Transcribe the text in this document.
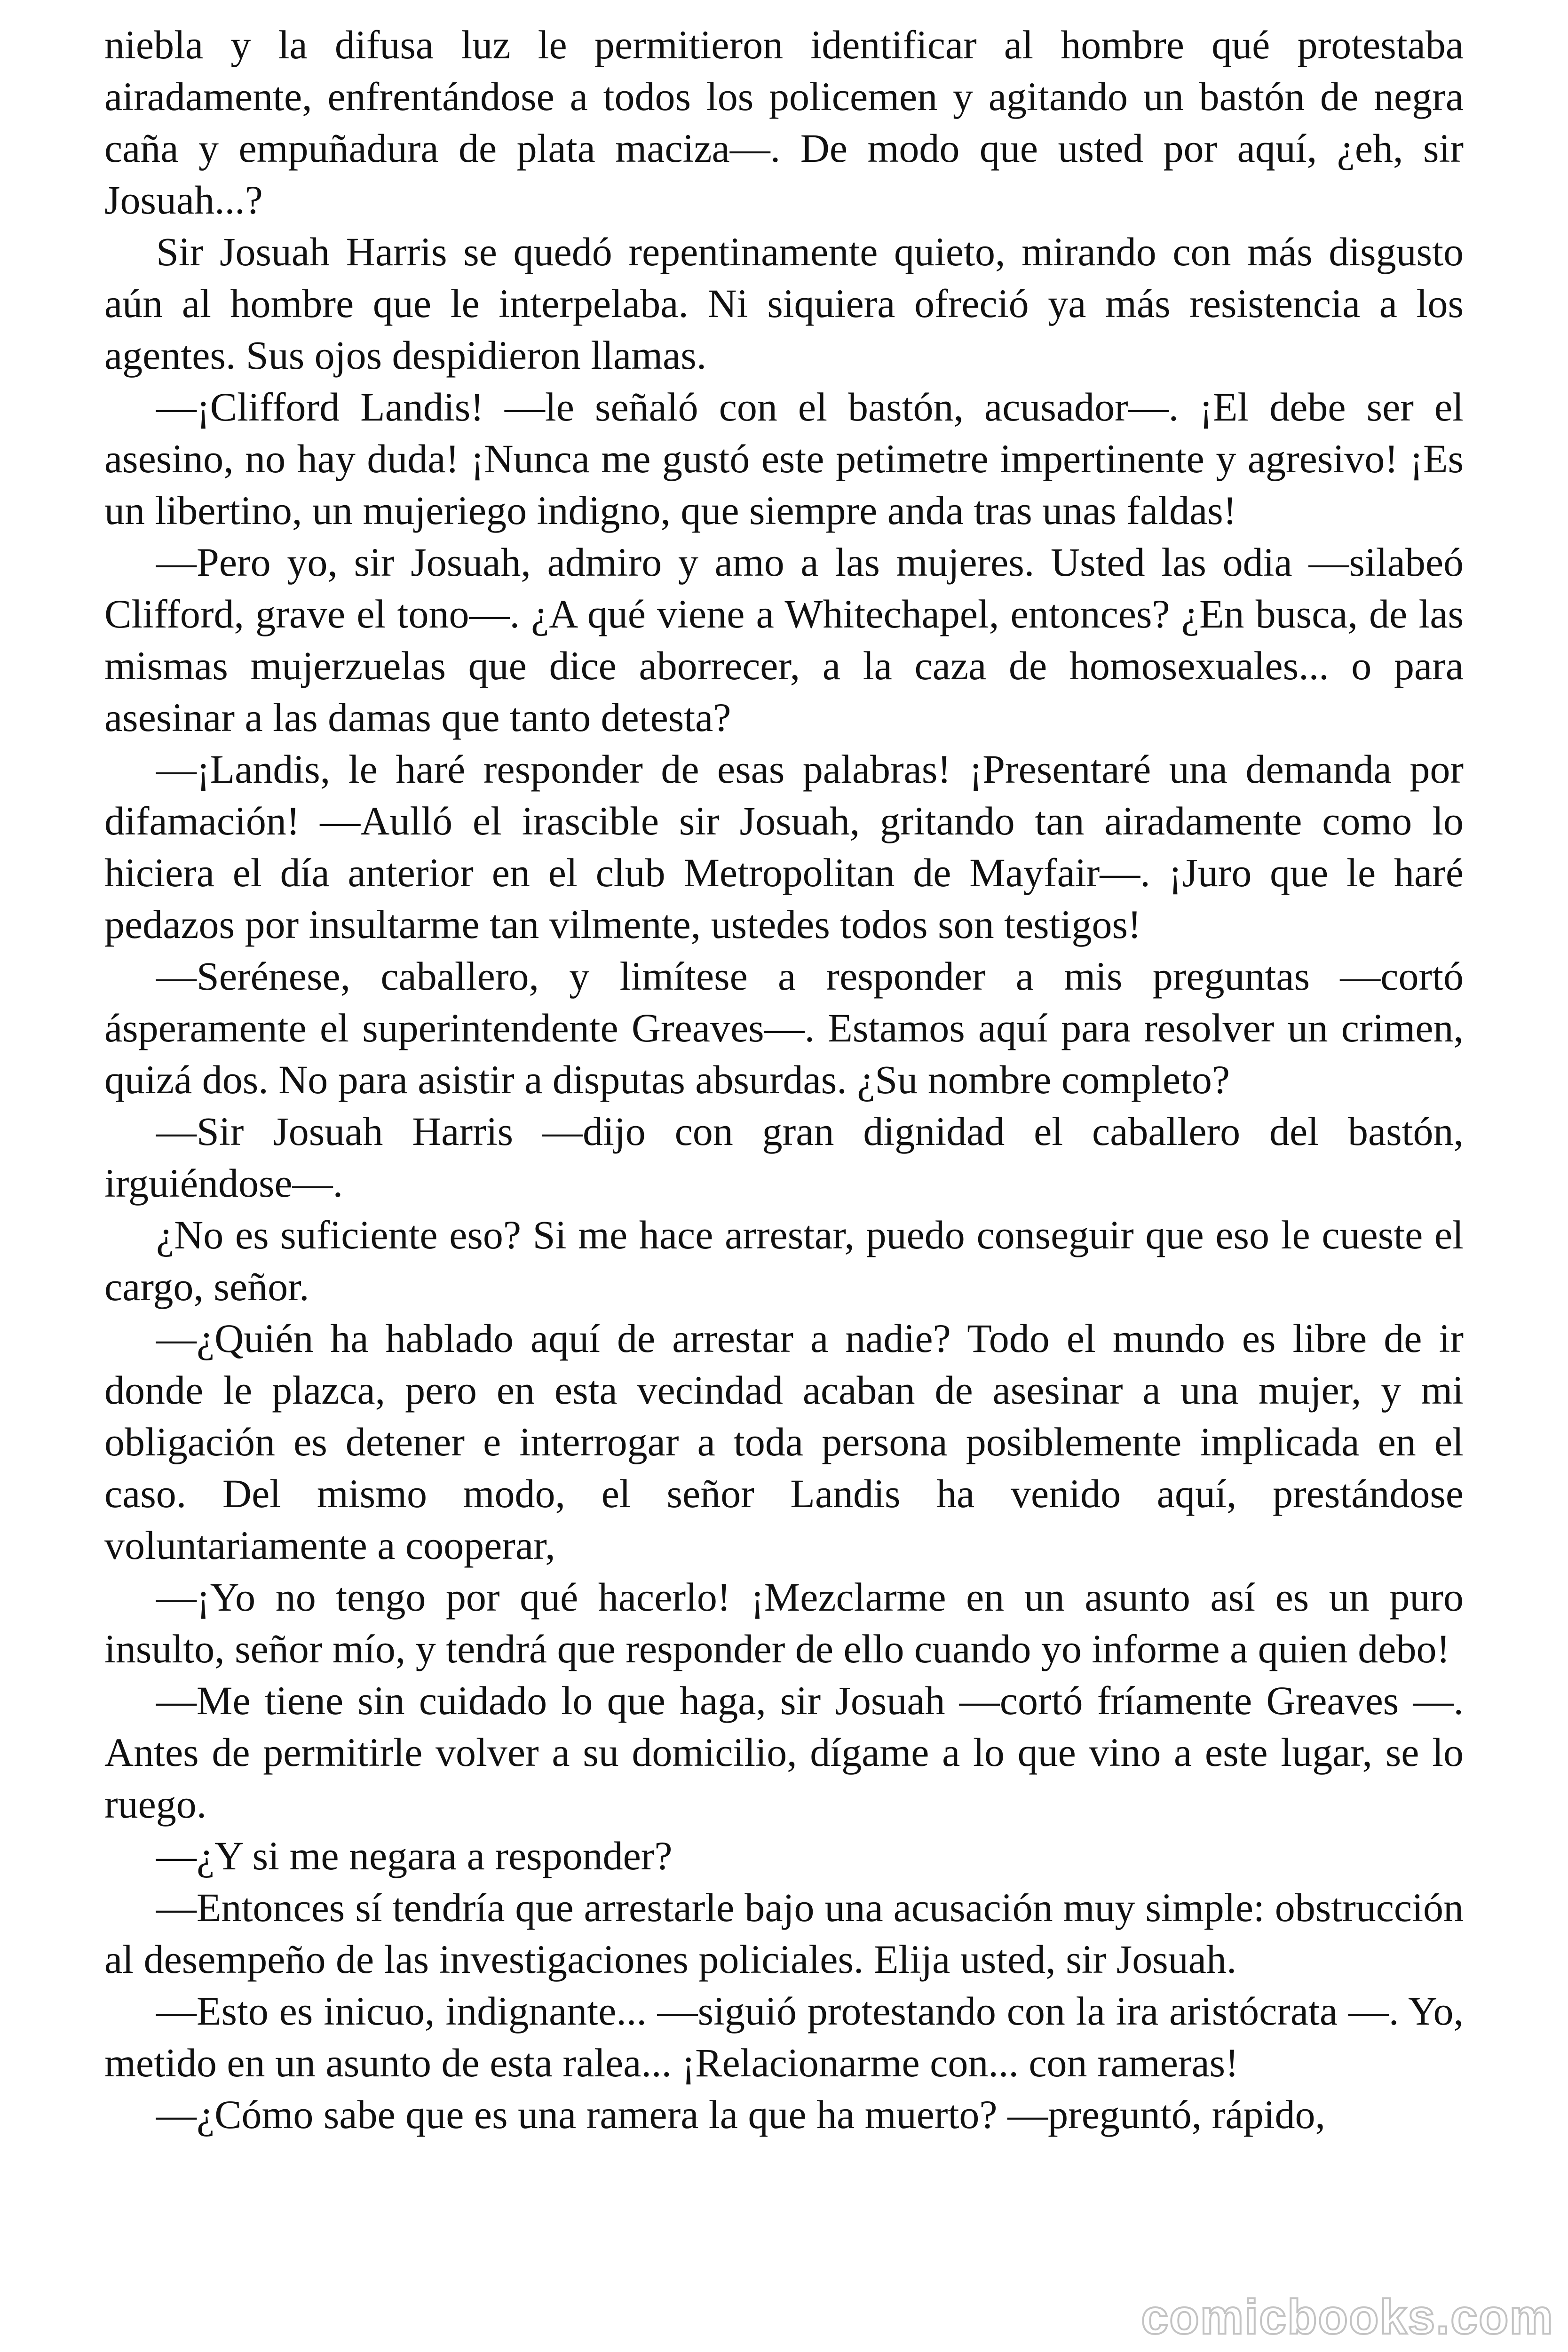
niebla y la difusa luz le permitieron identificar al hombre qué protestaba airadamente, enfrentándose a todos los policemen y agitando un bastón de negra caña y empuñadura de plata maciza—. De modo que usted por aquí, ¿eh, sir Josuah...?

Sir Josuah Harris se quedó repentinamente quieto, mirando con más disgusto aún al hombre que le interpelaba. Ni siquiera ofreció ya más resistencia a los agentes. Sus ojos despidieron llamas.

—¡Clifford Landis! —le señaló con el bastón, acusador—. ¡El debe ser el asesino, no hay duda! ¡Nunca me gustó este petimetre impertinente y agresivo! ¡Es un libertino, un mujeriego indigno, que siempre anda tras unas faldas!

—Pero yo, sir Josuah, admiro y amo a las mujeres. Usted las odia —silabeó Clifford, grave el tono—. ¿A qué viene a Whitechapel, entonces? ¿En busca, de las mismas mujerzuelas que dice aborrecer, a la caza de homosexuales... o para asesinar a las damas que tanto detesta?

—¡Landis, le haré responder de esas palabras! ¡Presentaré una demanda por difamación! —Aulló el irascible sir Josuah, gritando tan airadamente como lo hiciera el día anterior en el club Metropolitan de Mayfair—. ¡Juro que le haré pedazos por insultarme tan vilmente, ustedes todos son testigos!

—Serénese, caballero, y limítese a responder a mis preguntas —cortó ásperamente el superintendente Greaves—. Estamos aquí para resolver un crimen, quizá dos. No para asistir a disputas absurdas. ¿Su nombre completo?

—Sir Josuah Harris —dijo con gran dignidad el caballero del bastón, irguiéndose—.

¿No es suficiente eso? Si me hace arrestar, puedo conseguir que eso le cueste el cargo, señor.

—¿Quién ha hablado aquí de arrestar a nadie? Todo el mundo es libre de ir donde le plazca, pero en esta vecindad acaban de asesinar a una mujer, y mi obligación es detener e interrogar a toda persona posiblemente implicada en el caso. Del mismo modo, el señor Landis ha venido aquí, prestándose voluntariamente a cooperar,

—¡Yo no tengo por qué hacerlo! ¡Mezclarme en un asunto así es un puro insulto, señor mío, y tendrá que responder de ello cuando yo informe a quien debo!

—Me tiene sin cuidado lo que haga, sir Josuah —cortó fríamente Greaves —. Antes de permitirle volver a su domicilio, dígame a lo que vino a este lugar, se lo ruego.

—¿Y si me negara a responder?

—Entonces sí tendría que arrestarle bajo una acusación muy simple: obstrucción al desempeño de las investigaciones policiales. Elija usted, sir Josuah.

—Esto es inicuo, indignante... —siguió protestando con la ira aristócrata —. Yo, metido en un asunto de esta ralea... ¡Relacionarme con... con rameras!

—¿Cómo sabe que es una ramera la que ha muerto? —preguntó, rápido,

comicbooks.com
